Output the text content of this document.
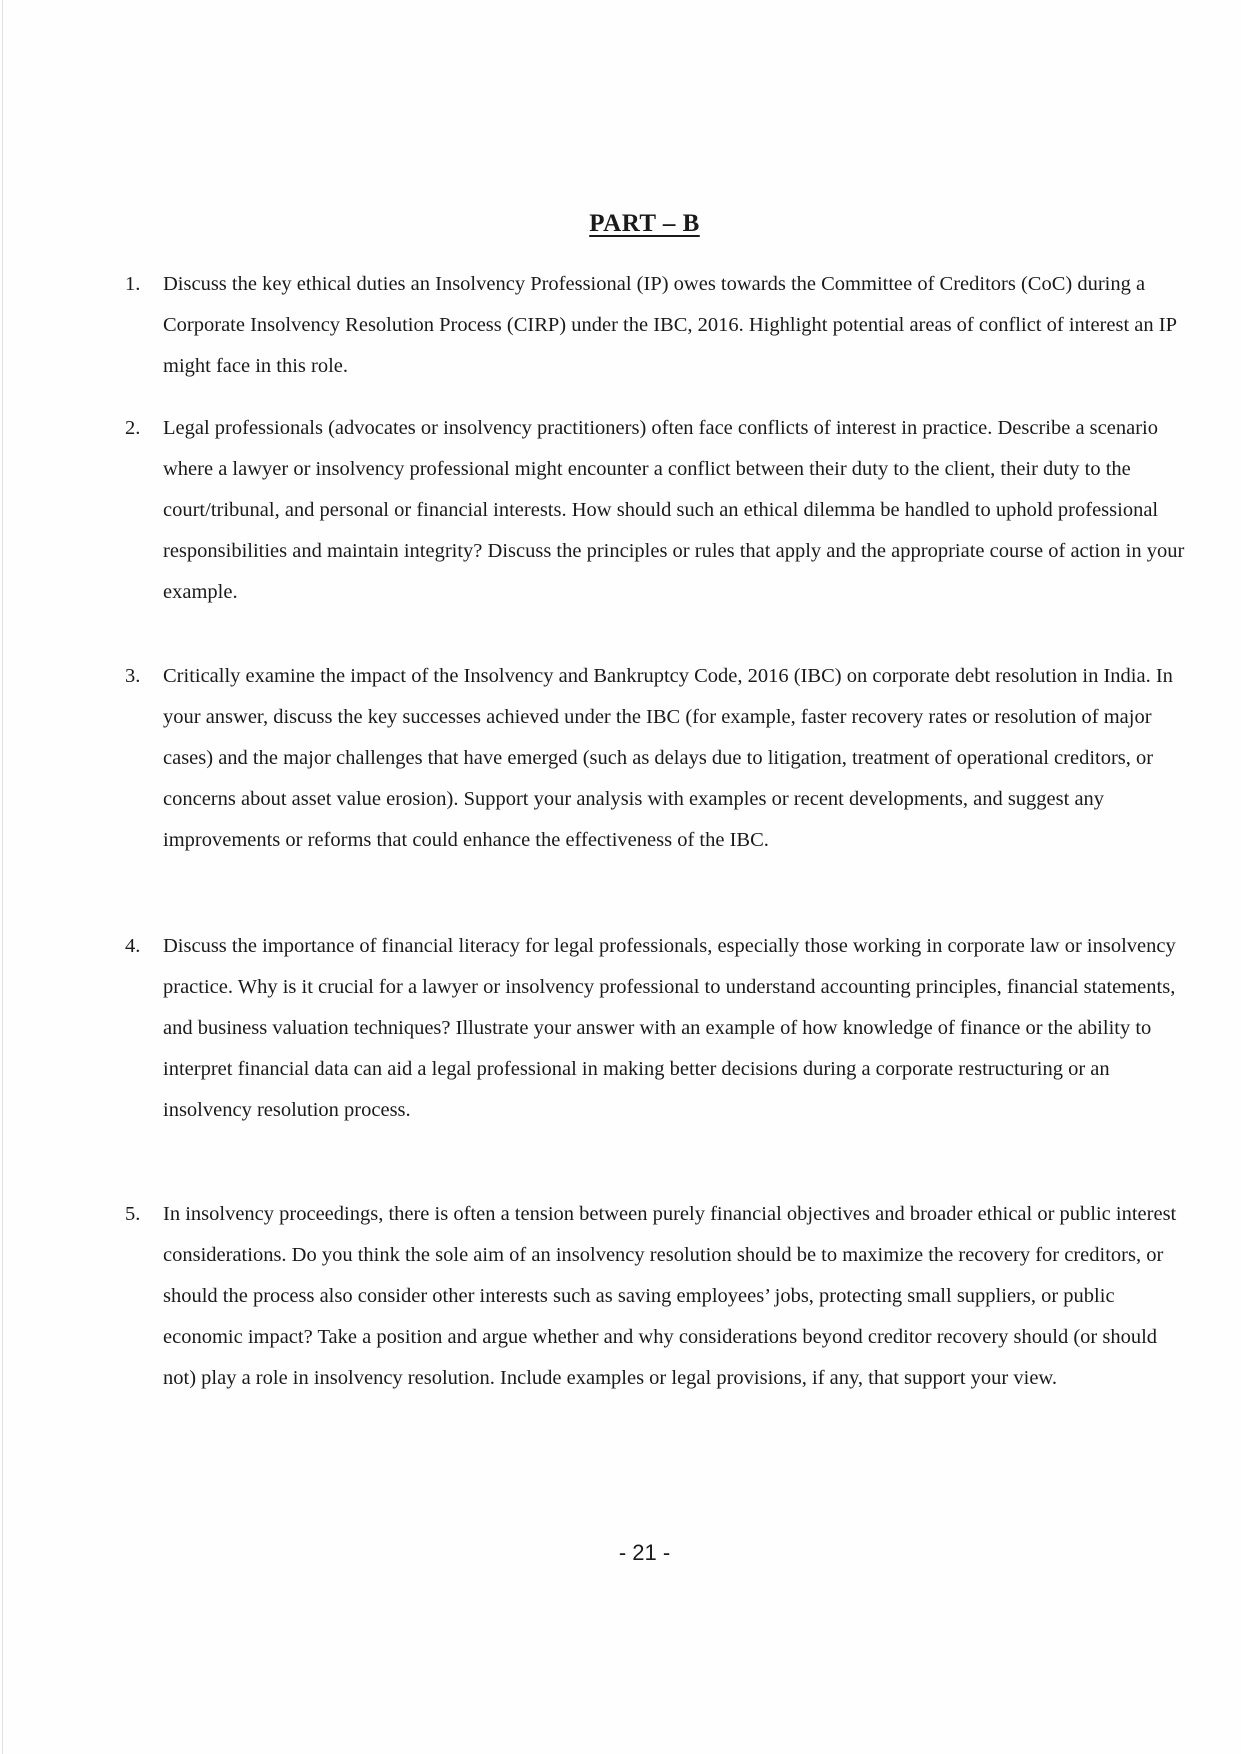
PART – B
1.	Discuss the key ethical duties an Insolvency Professional (IP) owes towards the Committee of Creditors (CoC) during a Corporate Insolvency Resolution Process (CIRP) under the IBC, 2016. Highlight potential areas of conflict of interest an IP might face in this role.
2.	Legal professionals (advocates or insolvency practitioners) often face conflicts of interest in practice. Describe a scenario where a lawyer or insolvency professional might encounter a conflict between their duty to the client, their duty to the court/tribunal, and personal or financial interests. How should such an ethical dilemma be handled to uphold professional responsibilities and maintain integrity? Discuss the principles or rules that apply and the appropriate course of action in your example.
3.	Critically examine the impact of the Insolvency and Bankruptcy Code, 2016 (IBC) on corporate debt resolution in India. In your answer, discuss the key successes achieved under the IBC (for example, faster recovery rates or resolution of major cases) and the major challenges that have emerged (such as delays due to litigation, treatment of operational creditors, or concerns about asset value erosion). Support your analysis with examples or recent developments, and suggest any improvements or reforms that could enhance the effectiveness of the IBC.
4.	Discuss the importance of financial literacy for legal professionals, especially those working in corporate law or insolvency practice. Why is it crucial for a lawyer or insolvency professional to understand accounting principles, financial statements, and business valuation techniques? Illustrate your answer with an example of how knowledge of finance or the ability to interpret financial data can aid a legal professional in making better decisions during a corporate restructuring or an insolvency resolution process.
5.	In insolvency proceedings, there is often a tension between purely financial objectives and broader ethical or public interest considerations. Do you think the sole aim of an insolvency resolution should be to maximize the recovery for creditors, or should the process also consider other interests such as saving employees’ jobs, protecting small suppliers, or public economic impact? Take a position and argue whether and why considerations beyond creditor recovery should (or should not) play a role in insolvency resolution. Include examples or legal provisions, if any, that support your view.
- 21 -
